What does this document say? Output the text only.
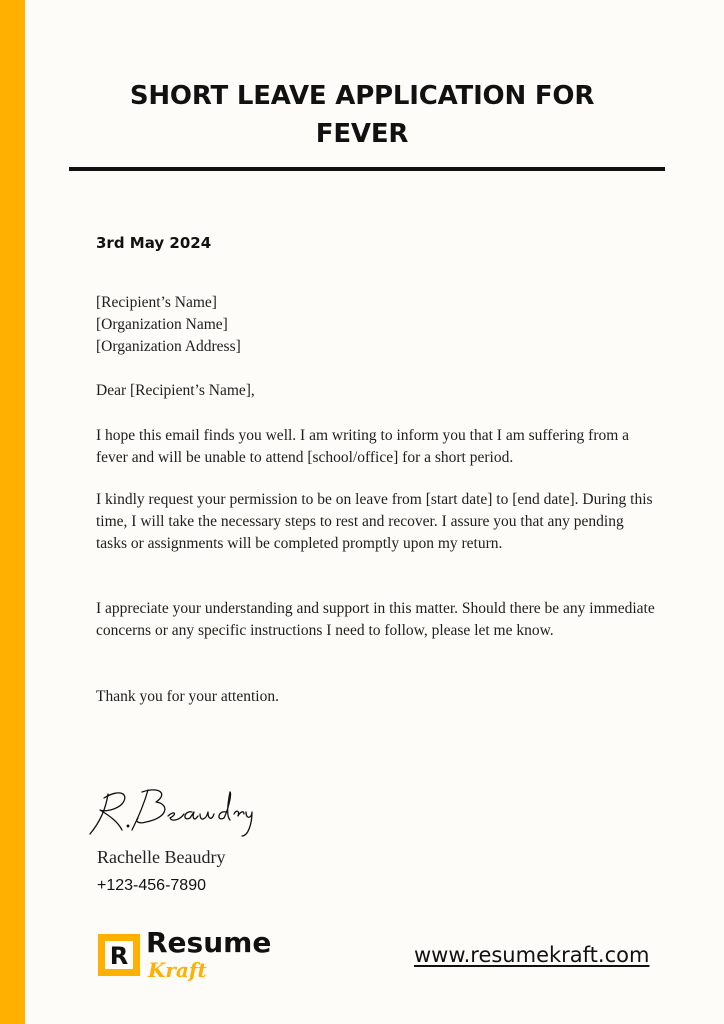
SHORT LEAVE APPLICATION FOR
FEVER
3rd May 2024
[Recipient’s Name]
[Organization Name]
[Organization Address]
Dear [Recipient’s Name],
I hope this email finds you well. I am writing to inform you that I am suffering from a fever and will be unable to attend [school/office] for a short period.
I kindly request your permission to be on leave from [start date] to [end date]. During this time, I will take the necessary steps to rest and recover. I assure you that any pending tasks or assignments will be completed promptly upon my return.
I appreciate your understanding and support in this matter. Should there be any immediate concerns or any specific instructions I need to follow, please let me know.
Thank you for your attention.
Rachelle Beaudry
+123-456-7890
R Resume
Kraft
www.resumekraft.com
